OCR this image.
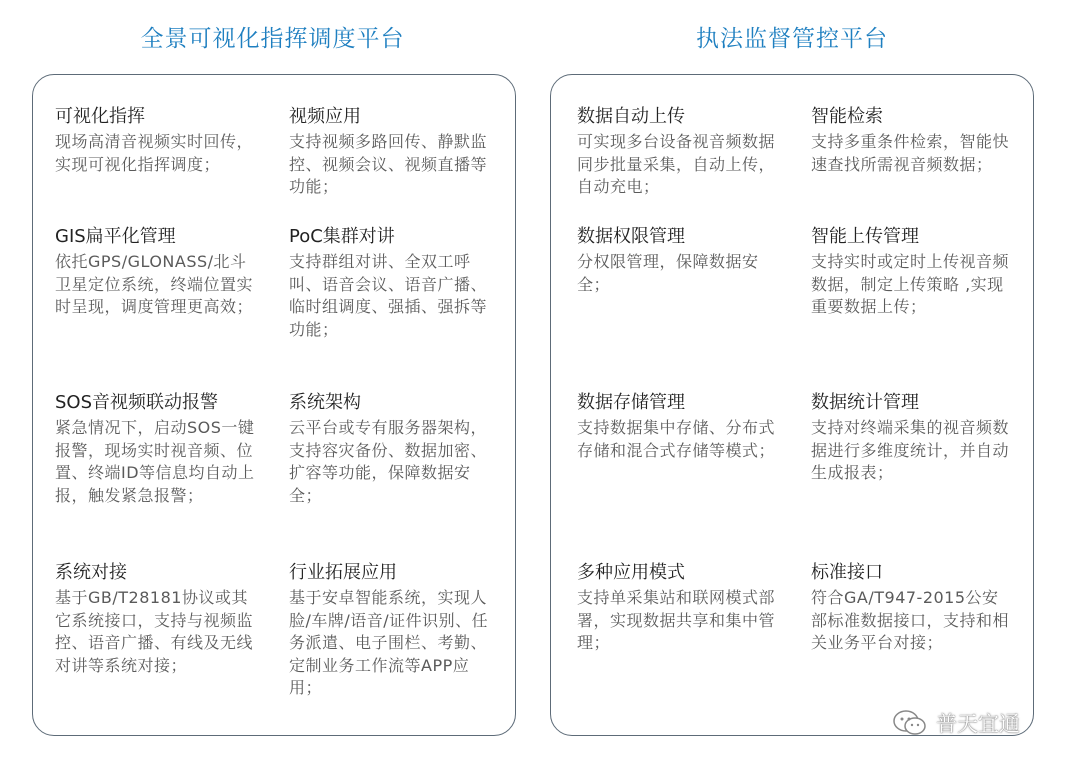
全景可视化指挥调度平台	执法监督管控平台
可视化指挥
现场高清音视频实时回传，实现可视化指挥调度；
视频应用
支持视频多路回传、静默监控、视频会议、视频直播等功能；
GIS扁平化管理
依托GPS/GLONASS/北斗卫星定位系统，终端位置实时呈现，调度管理更高效；
PoC集群对讲
支持群组对讲、全双工呼叫、语音会议、语音广播、临时组调度、强插、强拆等功能；
SOS音视频联动报警
紧急情况下，启动SOS一键报警，现场实时视音频、位置、终端ID等信息均自动上报，触发紧急报警；
系统架构
云平台或专有服务器架构，支持容灾备份、数据加密、扩容等功能，保障数据安全；
系统对接
基于GB/T28181协议或其它系统接口，支持与视频监控、语音广播、有线及无线对讲等系统对接；
行业拓展应用
基于安卓智能系统，实现人脸/车牌/语音/证件识别、任务派遣、电子围栏、考勤、定制业务工作流等APP应用；
数据自动上传
可实现多台设备视音频数据同步批量采集，自动上传，自动充电；
智能检索
支持多重条件检索，智能快速查找所需视音频数据；
数据权限管理
分权限管理，保障数据安全；
智能上传管理
支持实时或定时上传视音频数据，制定上传策略 ,实现重要数据上传；
数据存储管理
支持数据集中存储、分布式存储和混合式存储等模式；
数据统计管理
支持对终端采集的视音频数据进行多维度统计，并自动生成报表；
多种应用模式
支持单采集站和联网模式部署，实现数据共享和集中管理；
标准接口
符合GA/T947-2015公安部标准数据接口，支持和相关业务平台对接；
普天宜通
